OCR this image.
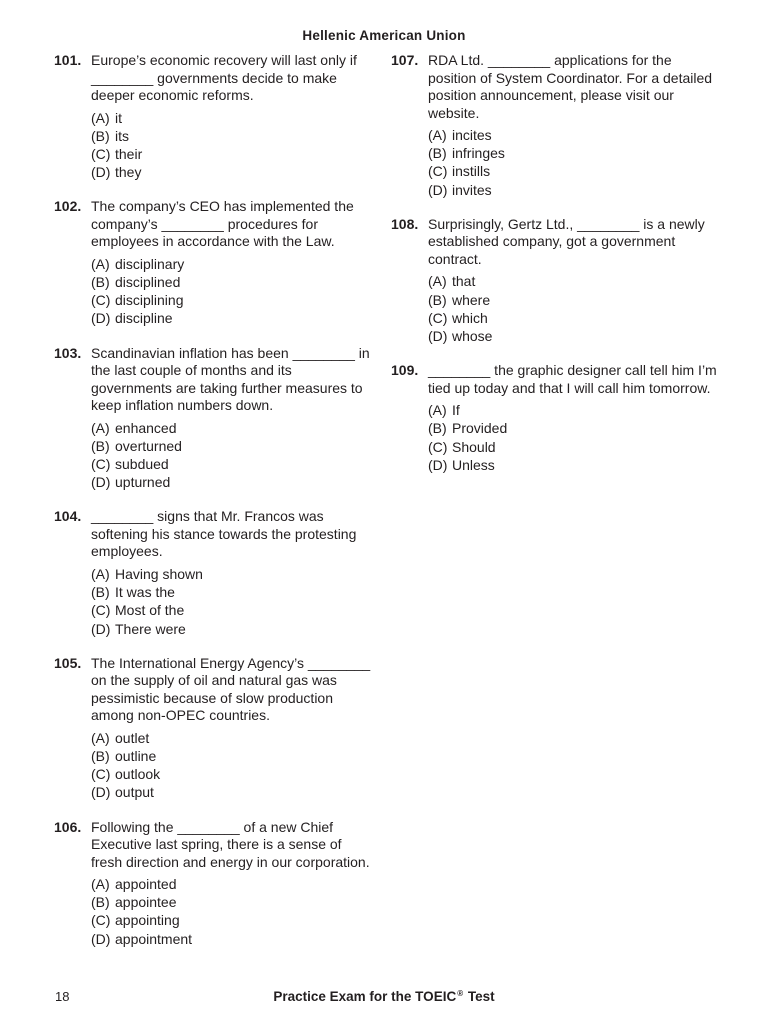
Hellenic American Union
101. Europe’s economic recovery will last only if ________ governments decide to make deeper economic reforms.

(A) it
(B) its
(C) their
(D) they
102. The company’s CEO has implemented the company’s ________ procedures for employees in accordance with the Law.

(A) disciplinary
(B) disciplined
(C) disciplining
(D) discipline
103. Scandinavian inflation has been ________ in the last couple of months and its governments are taking further measures to keep inflation numbers down.

(A) enhanced
(B) overturned
(C) subdued
(D) upturned
104. ________ signs that Mr. Francos was softening his stance towards the protesting employees.

(A) Having shown
(B) It was the
(C) Most of the
(D) There were
105. The International Energy Agency’s ________ on the supply of oil and natural gas was pessimistic because of slow production among non-OPEC countries.

(A) outlet
(B) outline
(C) outlook
(D) output
106. Following the ________ of a new Chief Executive last spring, there is a sense of fresh direction and energy in our corporation.

(A) appointed
(B) appointee
(C) appointing
(D) appointment
107. RDA Ltd. ________ applications for the position of System Coordinator. For a detailed position announcement, please visit our website.

(A) incites
(B) infringes
(C) instills
(D) invites
108. Surprisingly, Gertz Ltd., ________ is a newly established company, got a government contract.

(A) that
(B) where
(C) which
(D) whose
109. ________ the graphic designer call tell him I’m tied up today and that I will call him tomorrow.

(A) If
(B) Provided
(C) Should
(D) Unless
18	Practice Exam for the TOEIC® Test
